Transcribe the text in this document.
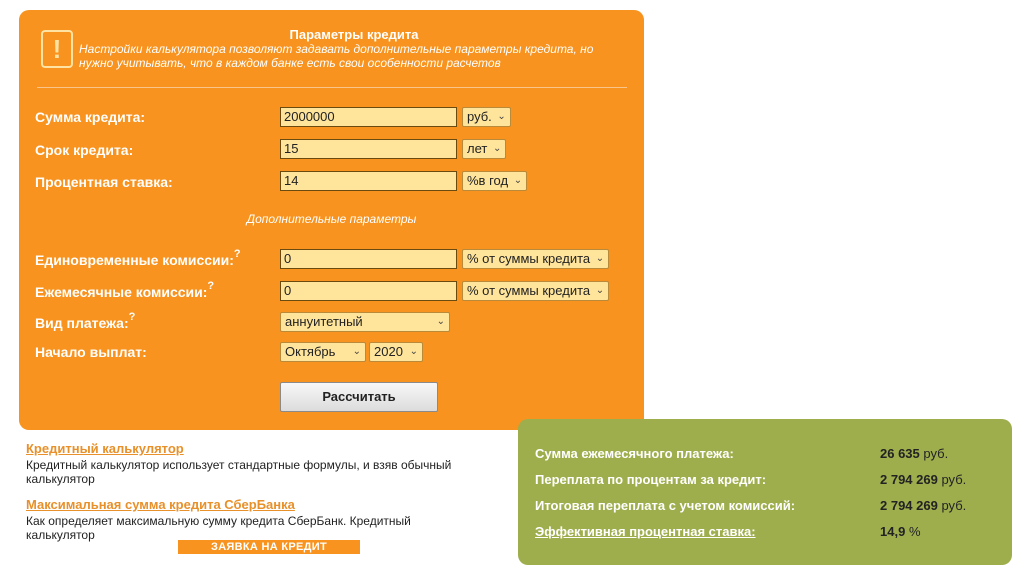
!	Параметры кредита
Настройки калькулятора позволяют задавать дополнительные параметры кредита, но нужно учитывать, что в каждом банке есть свои особенности расчетов
Сумма кредита:	2000000	руб. ⌄
Срок кредита:	15	лет ⌄
Процентная ставка:	14	%в год ⌄
Дополнительные параметры
Единовременные комиссии:?	0	% от суммы кредита ⌄
Ежемесячные комиссии:?	0	% от суммы кредита ⌄
Вид платежа:?	аннуитетный	⌄
Начало выплат:	Октябрь ⌄	2020 ⌄
Рассчитать
Кредитный калькулятор
Кредитный калькулятор использует стандартные формулы, и взяв обычный калькулятор
Максимальная сумма кредита СберБанка
Как определяет максимальную сумму кредита СберБанк. Кредитный калькулятор
ЗАЯВКА НА КРЕДИТ
Сумма ежемесячного платежа:	26 635 руб.
Переплата по процентам за кредит:	2 794 269 руб.
Итоговая переплата с учетом комиссий:	2 794 269 руб.
Эффективная процентная ставка:	14,9 %
